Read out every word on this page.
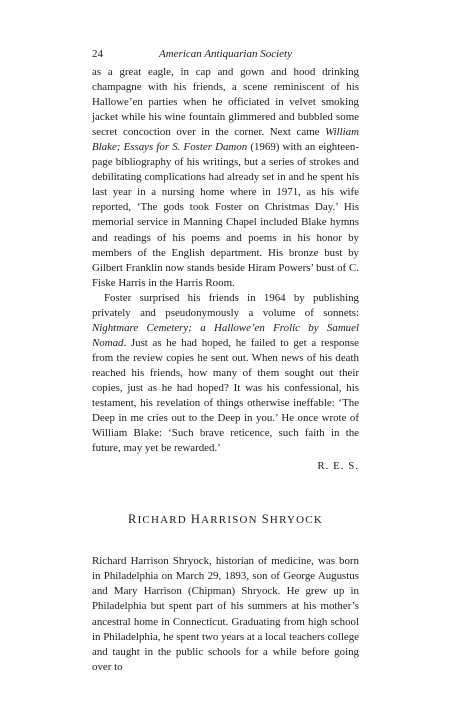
24	American Antiquarian Society

as a great eagle, in cap and gown and hood drinking champagne with his friends, a scene reminiscent of his Hallowe’en parties when he officiated in velvet smoking jacket while his wine fountain glimmered and bubbled some secret concoction over in the corner. Next came William Blake; Essays for S. Foster Damon (1969) with an eighteen-page bibliography of his writings, but a series of strokes and debilitating complications had already set in and he spent his last year in a nursing home where in 1971, as his wife reported, ‘The gods took Foster on Christmas Day.’ His memorial service in Manning Chapel included Blake hymns and readings of his poems and poems in his honor by members of the English department. His bronze bust by Gilbert Franklin now stands beside Hiram Powers’ bust of C. Fiske Harris in the Harris Room.

Foster surprised his friends in 1964 by publishing privately and pseudonymously a volume of sonnets: Nightmare Cemetery; a Hallowe’en Frolic by Samuel Nomad. Just as he had hoped, he failed to get a response from the review copies he sent out. When news of his death reached his friends, how many of them sought out their copies, just as he had hoped? It was his confessional, his testament, his revelation of things otherwise ineffable: ‘The Deep in me cries out to the Deep in you.’ He once wrote of William Blake: ‘Such brave reticence, such faith in the future, may yet be rewarded.’

R. E. S.
RICHARD HARRISON SHRYOCK

Richard Harrison Shryock, historian of medicine, was born in Philadelphia on March 29, 1893, son of George Augustus and Mary Harrison (Chipman) Shryock. He grew up in Philadelphia but spent part of his summers at his mother’s ancestral home in Connecticut. Graduating from high school in Philadelphia, he spent two years at a local teachers college and taught in the public schools for a while before going over to
